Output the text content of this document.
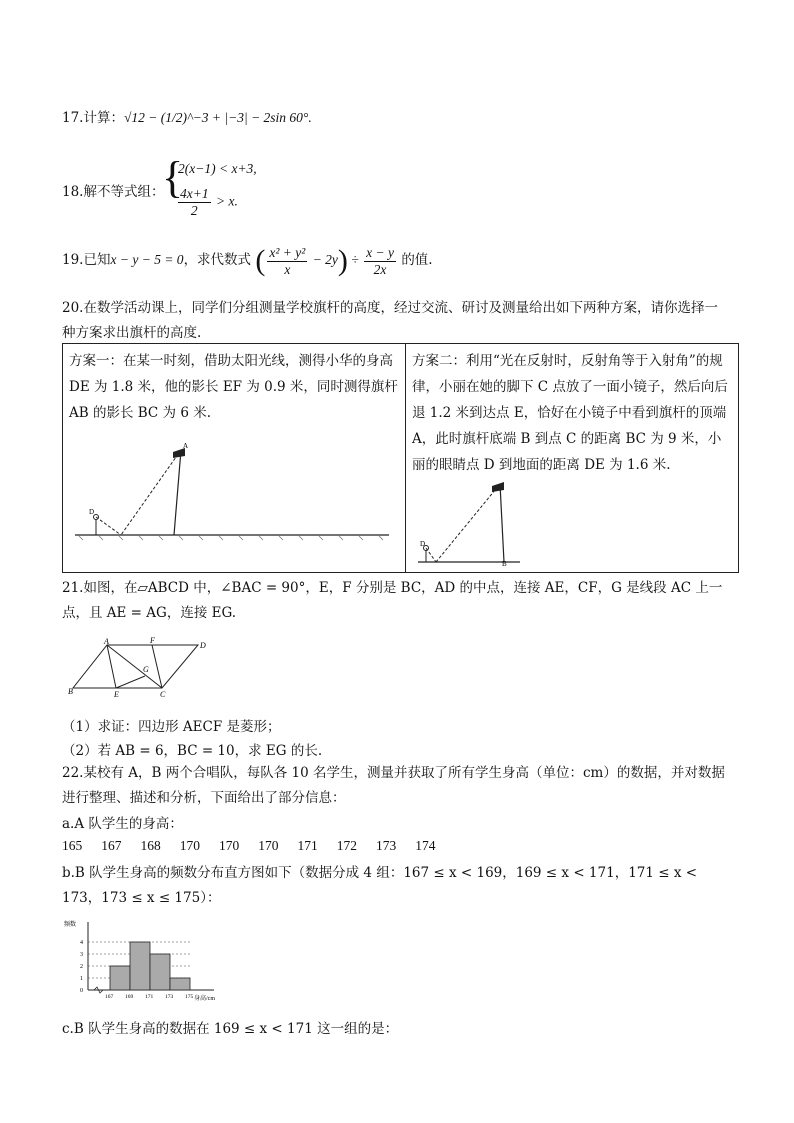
17.计算：√12 − (1/2)^−3 + |−3| − 2sin 60°.
18.解不等式组：
{
2(x−1) < x+3,
$\frac{4x+1}{2} > x$.
19.已知x − y − 5 = 0，求代数式 ( $\frac{\text{x² + y²}}{x} - 2y) \div \frac{x - y}{2x}$ 的值.
20.在数学活动课上，同学们分组测量学校旗杆的高度，经过交流、研讨及测量给出如下两种方案，请你选择一种方案求出旗杆的高度.
方案一：在某一时刻，借助太阳光线，测得小华的身高 DE 为 1.8 米，他的影长 EF 为 0.9 米，同时测得旗杆 AB 的影长 BC 为 6 米.
D
A

方案二：利用“光在反射时，反射角等于入射角”的规律，小丽在她的脚下 C 点放了一面小镜子，然后向后退 1.2 米到达点 E，恰好在小镜子中看到旗杆的顶端 A，此时旗杆底端 B 到点 C 的距离 BC 为 9 米，小丽的眼睛点 D 到地面的距离 DE 为 1.6 米.
D
B
21.如图，在▱ABCD 中，∠BAC = 90°，E，F 分别是 BC，AD 的中点，连接 AE，CF，G 是线段 AC 上一点，且 AE = AG，连接 EG.
A	F
D
G
B	E	C
（1）求证：四边形 AECF 是菱形；
（2）若 AB = 6，BC = 10，求 EG 的长.
22.某校有 A，B 两个合唱队，每队各 10 名学生，测量并获取了所有学生身高（单位：cm）的数据，并对数据进行整理、描述和分析，下面给出了部分信息：
a.A 队学生的身高：
165 167 168 170 170 170 171 172 173 174
b.B 队学生身高的频数分布直方图如下（数据分成 4 组：167 ≤ x < 169，169 ≤ x < 171，171 ≤ x < 173，173 ≤ x ≤ 175）：
频数
身高/cm
0
1
2
3
4
167 169 171 173 175
c.B 队学生身高的数据在 169 ≤ x < 171 这一组的是：
